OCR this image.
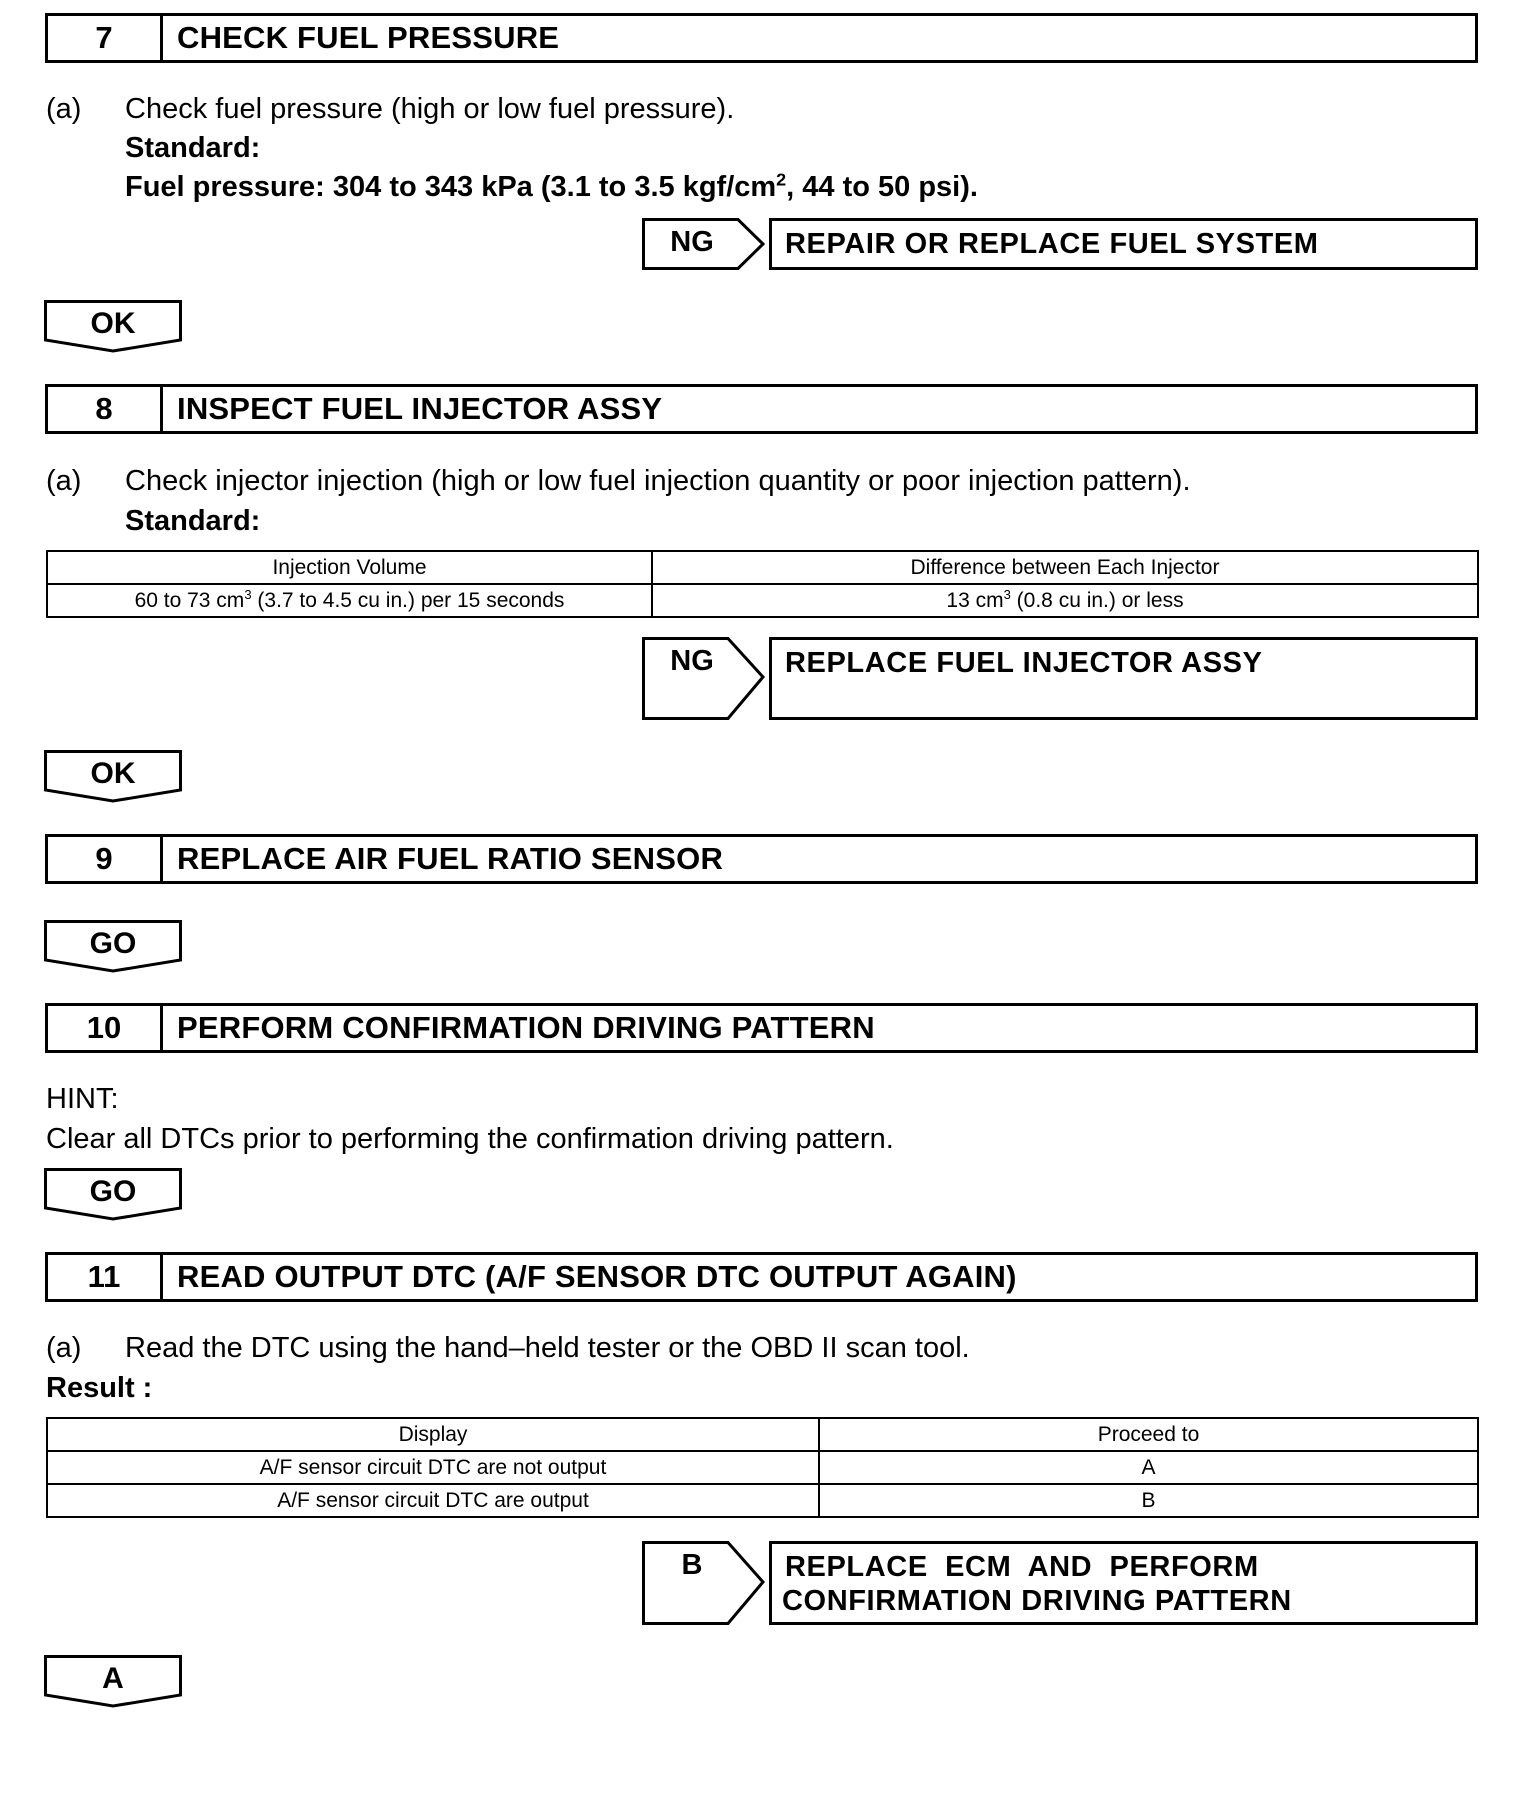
7	CHECK FUEL PRESSURE
(a) Check fuel pressure (high or low fuel pressure).
Standard:
Fuel pressure: 304 to 343 kPa (3.1 to 3.5 kgf/$cm^2$, 44 to 50 psi).
NG	REPAIR OR REPLACE FUEL SYSTEM
OK
8	INSPECT FUEL INJECTOR ASSY
(a) Check injector injection (high or low fuel injection quantity or poor injection pattern).
Standard:
Injection Volume	Difference between Each Injector
60 to 73 $cm^3$ (3.7 to 4.5 cu in.) per 15 seconds	13 $cm^3$ (0.8 cu in.) or less
NG	REPLACE FUEL INJECTOR ASSY
OK
9	REPLACE AIR FUEL RATIO SENSOR
GO
10	PERFORM CONFIRMATION DRIVING PATTERN
HINT:
Clear all DTCs prior to performing the confirmation driving pattern.
GO
11	READ OUTPUT DTC (A/F SENSOR DTC OUTPUT AGAIN)
(a) Read the DTC using the hand–held tester or the OBD II scan tool.
Result :
Display	Proceed to
A/F sensor circuit DTC are not output	A
A/F sensor circuit DTC are output	B
B	REPLACE  ECM  AND  PERFORM
CONFIRMATION DRIVING PATTERN
A
